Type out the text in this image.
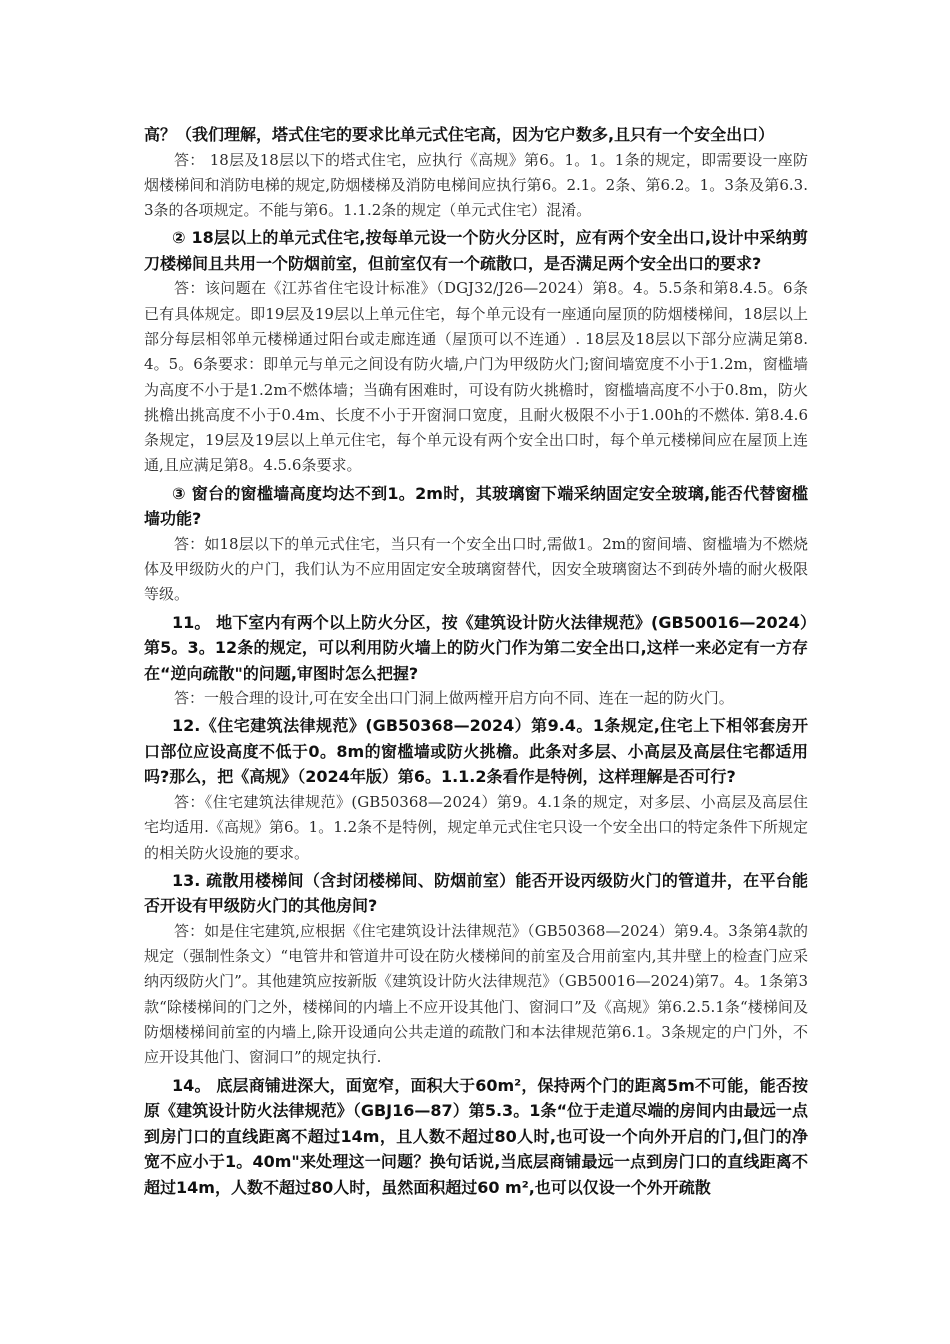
高？（我们理解，塔式住宅的要求比单元式住宅高，因为它户数多,且只有一个安全出口）

答： 18层及18层以下的塔式住宅，应执行《高规》第6。1。1。1条的规定，即需要设一座防烟楼梯间和消防电梯的规定,防烟楼梯及消防电梯间应执行第6。2.1。2条、第6.2。1。3条及第6.3.3条的各项规定。不能与第6。1.1.2条的规定（单元式住宅）混淆。

② 18层以上的单元式住宅,按每单元设一个防火分区时，应有两个安全出口,设计中采纳剪刀楼梯间且共用一个防烟前室，但前室仅有一个疏散口，是否满足两个安全出口的要求?

答：该问题在《江苏省住宅设计标准》（DGJ32/J26—2024）第8。4。5.5条和第8.4.5。6条已有具体规定。即19层及19层以上单元住宅，每个单元设有一座通向屋顶的防烟楼梯间，18层以上部分每层相邻单元楼梯通过阳台或走廊连通（屋顶可以不连通）. 18层及18层以下部分应满足第8.4。5。6条要求：即单元与单元之间设有防火墙,户门为甲级防火门;窗间墙宽度不小于1.2m，窗槛墙为高度不小于是1.2m不燃体墙；当确有困难时，可设有防火挑檐时，窗槛墙高度不小于0.8m，防火挑檐出挑高度不小于0.4m、长度不小于开窗洞口宽度，且耐火极限不小于1.00h的不燃体. 第8.4.6条规定，19层及19层以上单元住宅，每个单元设有两个安全出口时，每个单元楼梯间应在屋顶上连通,且应满足第8。4.5.6条要求。

③ 窗台的窗槛墙高度均达不到1。2m时，其玻璃窗下端采纳固定安全玻璃,能否代替窗槛墙功能?

答：如18层以下的单元式住宅，当只有一个安全出口时,需做1。2m的窗间墙、窗槛墙为不燃烧体及甲级防火的户门，我们认为不应用固定安全玻璃窗替代，因安全玻璃窗达不到砖外墙的耐火极限等级。

11。 地下室内有两个以上防火分区，按《建筑设计防火法律规范》(GB50016—2024）第5。3。12条的规定，可以利用防火墙上的防火门作为第二安全出口,这样一来必定有一方存在“逆向疏散"的问题,审图时怎么把握?

答：一般合理的设计,可在安全出口门洞上做两樘开启方向不同、连在一起的防火门。

12.《住宅建筑法律规范》(GB50368—2024）第9.4。1条规定,住宅上下相邻套房开口部位应设高度不低于0。8m的窗槛墙或防火挑檐。此条对多层、小高层及高层住宅都适用吗?那么，把《高规》（2024年版）第6。1.1.2条看作是特例，这样理解是否可行?

答：《住宅建筑法律规范》(GB50368—2024）第9。4.1条的规定，对多层、小高层及高层住宅均适用.《高规》第6。1。1.2条不是特例，规定单元式住宅只设一个安全出口的特定条件下所规定的相关防火设施的要求。

13. 疏散用楼梯间（含封闭楼梯间、防烟前室）能否开设丙级防火门的管道井，在平台能否开设有甲级防火门的其他房间?

答：如是住宅建筑,应根据《住宅建筑设计法律规范》（GB50368—2024）第9.4。3条第4款的规定（强制性条文）“电管井和管道井可设在防火楼梯间的前室及合用前室内,其井壁上的检查门应采纳丙级防火门”。其他建筑应按新版《建筑设计防火法律规范》（GB50016—2024)第7。4。1条第3款“除楼梯间的门之外，楼梯间的内墙上不应开设其他门、窗洞口”及《高规》第6.2.5.1条“楼梯间及防烟楼梯间前室的内墙上,除开设通向公共走道的疏散门和本法律规范第6.1。3条规定的户门外，不应开设其他门、窗洞口”的规定执行.

14。 底层商铺进深大，面宽窄，面积大于60m²，保持两个门的距离5m不可能，能否按原《建筑设计防火法律规范》（GBJ16—87）第5.3。1条“位于走道尽端的房间内由最远一点到房门口的直线距离不超过14m，且人数不超过80人时,也可设一个向外开启的门,但门的净宽不应小于1。40m"来处理这一问题？换句话说,当底层商铺最远一点到房门口的直线距离不超过14m，人数不超过80人时，虽然面积超过60 m²,也可以仅设一个外开疏散
